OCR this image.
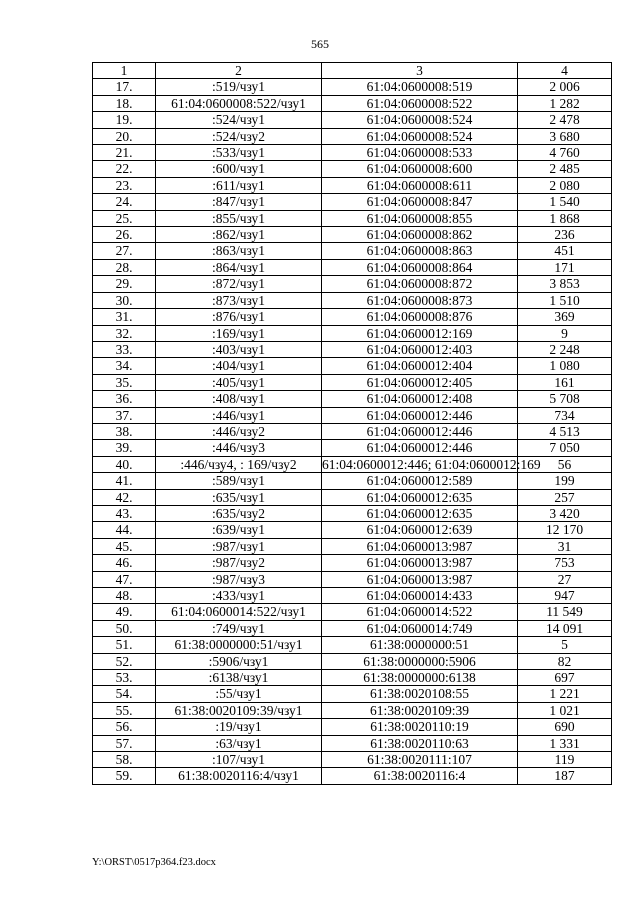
565
1	2	3	4
17.	:519/чзу1	61:04:0600008:519	2 006
18.	61:04:0600008:522/чзу1	61:04:0600008:522	1 282
19.	:524/чзу1	61:04:0600008:524	2 478
20.	:524/чзу2	61:04:0600008:524	3 680
21.	:533/чзу1	61:04:0600008:533	4 760
22.	:600/чзу1	61:04:0600008:600	2 485
23.	:611/чзу1	61:04:0600008:611	2 080
24.	:847/чзу1	61:04:0600008:847	1 540
25.	:855/чзу1	61:04:0600008:855	1 868
26.	:862/чзу1	61:04:0600008:862	236
27.	:863/чзу1	61:04:0600008:863	451
28.	:864/чзу1	61:04:0600008:864	171
29.	:872/чзу1	61:04:0600008:872	3 853
30.	:873/чзу1	61:04:0600008:873	1 510
31.	:876/чзу1	61:04:0600008:876	369
32.	:169/чзу1	61:04:0600012:169	9
33.	:403/чзу1	61:04:0600012:403	2 248
34.	:404/чзу1	61:04:0600012:404	1 080
35.	:405/чзу1	61:04:0600012:405	161
36.	:408/чзу1	61:04:0600012:408	5 708
37.	:446/чзу1	61:04:0600012:446	734
38.	:446/чзу2	61:04:0600012:446	4 513
39.	:446/чзу3	61:04:0600012:446	7 050
40.	:446/чзу4, : 169/чзу2	61:04:0600012:446; 61:04:0600012:169	56
41.	:589/чзу1	61:04:0600012:589	199
42.	:635/чзу1	61:04:0600012:635	257
43.	:635/чзу2	61:04:0600012:635	3 420
44.	:639/чзу1	61:04:0600012:639	12 170
45.	:987/чзу1	61:04:0600013:987	31
46.	:987/чзу2	61:04:0600013:987	753
47.	:987/чзу3	61:04:0600013:987	27
48.	:433/чзу1	61:04:0600014:433	947
49.	61:04:0600014:522/чзу1	61:04:0600014:522	11 549
50.	:749/чзу1	61:04:0600014:749	14 091
51.	61:38:0000000:51/чзу1	61:38:0000000:51	5
52.	:5906/чзу1	61:38:0000000:5906	82
53.	:6138/чзу1	61:38:0000000:6138	697
54.	:55/чзу1	61:38:0020108:55	1 221
55.	61:38:0020109:39/чзу1	61:38:0020109:39	1 021
56.	:19/чзу1	61:38:0020110:19	690
57.	:63/чзу1	61:38:0020110:63	1 331
58.	:107/чзу1	61:38:0020111:107	119
59.	61:38:0020116:4/чзу1	61:38:0020116:4	187
Y:\ORST\0517p364.f23.docx
